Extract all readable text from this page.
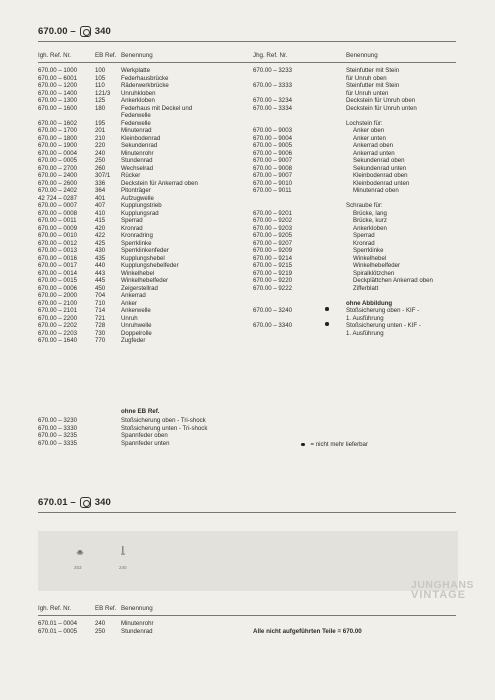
670.00 – 340
Igh. Ref. Nr.	EB Ref. Benennung	Jhg. Ref. Nr.	Benennung
670.00 – 1000	100	Werkplatte
670.00 – 6001	105	Federhausbrücke
670.00 – 1200	110	Räderwerkbrücke
670.00 – 1400	121/3 Unruhkloben
670.00 – 1300	125	Ankerkloben
670.00 – 1600	180	Federhaus mit Deckel und
Federwelle
670.00 – 1602	195	Federwelle
670.00 – 1700	201	Minutenrad
670.00 – 1800	210	Kleinbodenrad
670.00 – 1900	220	Sekundenrad
670.00 – 0004	240	Minutenrohr
670.00 – 0005	250	Stundenrad
670.00 – 2700	260	Wechselrad
670.00 – 2400	307/1 Rücker
670.00 – 2600	336	Deckstein für Ankerrad oben
670.00 – 2402	364	Pitonträger
42 724 – 0287	401	Aufzugwelle
670.00 – 0007	407	Kupplungstrieb
670.00 – 0008	410	Kupplungsrad
670.00 – 0011	415	Sperrad
670.00 – 0009	420	Kronrad
670.00 – 0010	422	Kronradring
670.00 – 0012	425	Sperrklinke
670.00 – 0013	430	Sperrklinkenfeder
670.00 – 0016	435	Kupplungshebel
670.00 – 0017	440	Kupplungshebelfeder
670.00 – 0014	443	Winkelhebel
670.00 – 0015	445	Winkelhebelfeder
670.00 – 0006	450	Zeigerstellrad
670.00 – 2000	704	Ankerrad
670.00 – 2100	710	Anker
670.00 – 2101	714	Ankerwelle
670.00 – 2200	721	Unruh
670.00 – 2202	728	Unruhwelle
670.00 – 2203	730	Doppelrolle
670.00 – 1640	770	Zugfeder
ohne EB Ref.
670.00 – 3230	Stoßsicherung oben - Tri-shock
670.00 – 3330	Stoßsicherung unten - Tri-shock
670.00 – 3235	Spannfeder oben
670.00 – 3335	Spannfeder unten
670.00 – 3233	Steinfutter mit Stein
für Unruh oben
670.00 – 3333	Steinfutter mit Stein
für Unruh unten
670.00 – 3234	Deckstein für Unruh oben
670.00 – 3334	Deckstein für Unruh unten
Lochstein für:
670.00 – 9003	Anker oben
670.00 – 9004	Anker unten
670.00 – 9005	Ankerrad oben
670.00 – 9006	Ankerrad unten
670.00 – 9007	Sekundenrad oben
670.00 – 9008	Sekundenrad unten
670.00 – 9007	Kleinbodenrad oben
670.00 – 9010	Kleinbodenrad unten
670.00 – 9011	Minutenrad oben
Schraube für:
670.00 – 9201	Brücke, lang
670.00 – 9202	Brücke, kurz
670.00 – 9203	Ankerkloben
670.00 – 9205	Sperrad
670.00 – 9207	Kronrad
670.00 – 9209	Sperrklinke
670.00 – 9214	Winkelhebel
670.00 – 9215	Winkelhebelfeder
670.00 – 9219	Spiralklötzchen
670.00 – 9220	Deckplättchen Ankerrad oben
670.00 – 9222	Zifferblatt
ohne Abbildung
670.00 – 3240	Stoßsicherung oben - KIF -
1. Ausführung
670.00 – 3340	Stoßsicherung unten - KIF -
1. Ausführung
= nicht mehr lieferbar
670.01 – 340
253	240
JUNGHANS
VINTAGE
Igh. Ref. Nr.	EB Ref. Benennung
670.01 – 0004	240	Minutenrohr
670.01 – 0005	250	Stundenrad	Alle nicht aufgeführten Teile = 670.00
